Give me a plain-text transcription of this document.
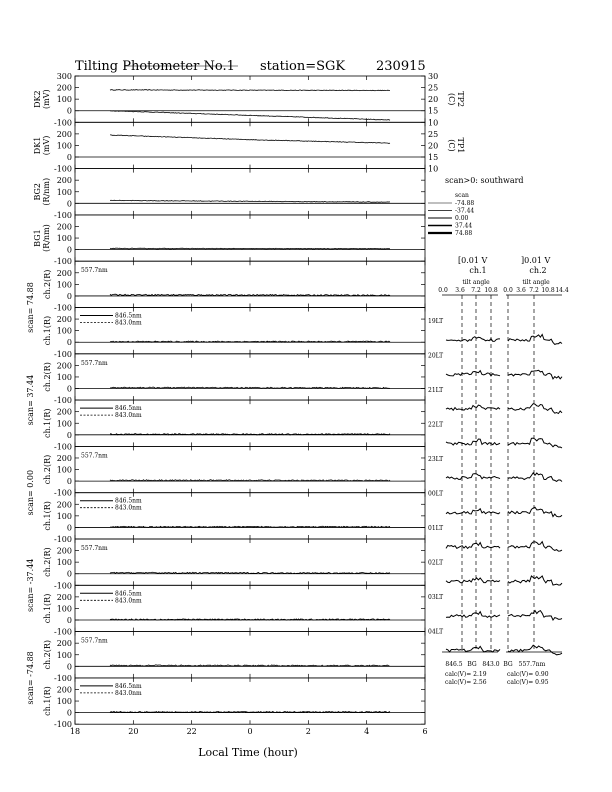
Tilting Photometer No.1 station=SGK 230915
-100
0
100
200
300
DK2 (mV)	TP2
(C)
10
15
20
25
30
-100
0
100
200
DK1 (mV)	TP1
(C)
10
15
20
25
-100
0
100
200
BG2 (R/nm)
-100
0
100
200
BG1 (R/nm)
-100
0
100
200
ch.2(R)	557.7nm
-100
0
100
200
ch.1(R)	846.5nm
843.0nm
-100
0
100
200
ch.2(R)	557.7nm
-100
0
100
200
ch.1(R)	846.5nm
843.0nm
-100
0
100
200
ch.2(R)	557.7nm
-100
0
100
200
ch.1(R)	846.5nm
843.0nm
-100
0
100
200
ch.2(R)	557.7nm
-100
0
100
200
ch.1(R)	846.5nm
843.0nm
-100
0
100
200
ch.2(R)	557.7nm
-100
0
100
200
ch.1(R)	846.5nm
843.0nm
scan= 74.88
scan= 37.44
scan= 0.00
scan= -37.44
scan= -74.88
18	20	22	0	2	4	6
Local Time (hour)
scan>0: southward
scan
-74.88
-37.44
0.00
37.44
74.88
[0.01 V	]0.01 V
ch.1	ch.2
tilt angle	tilt angle
0.0 3.6 7.2 10.8 0.0 3.6 7.2 10.8 14.4
19LT
20LT
21LT
22LT
23LT
00LT
01LT
02LT
03LT
04LT
846.5 BG 843.0 BG 557.7nm
calc(V)= 2.19
calc(V)= 2.56
calc(V)= 0.90
calc(V)= 0.95
